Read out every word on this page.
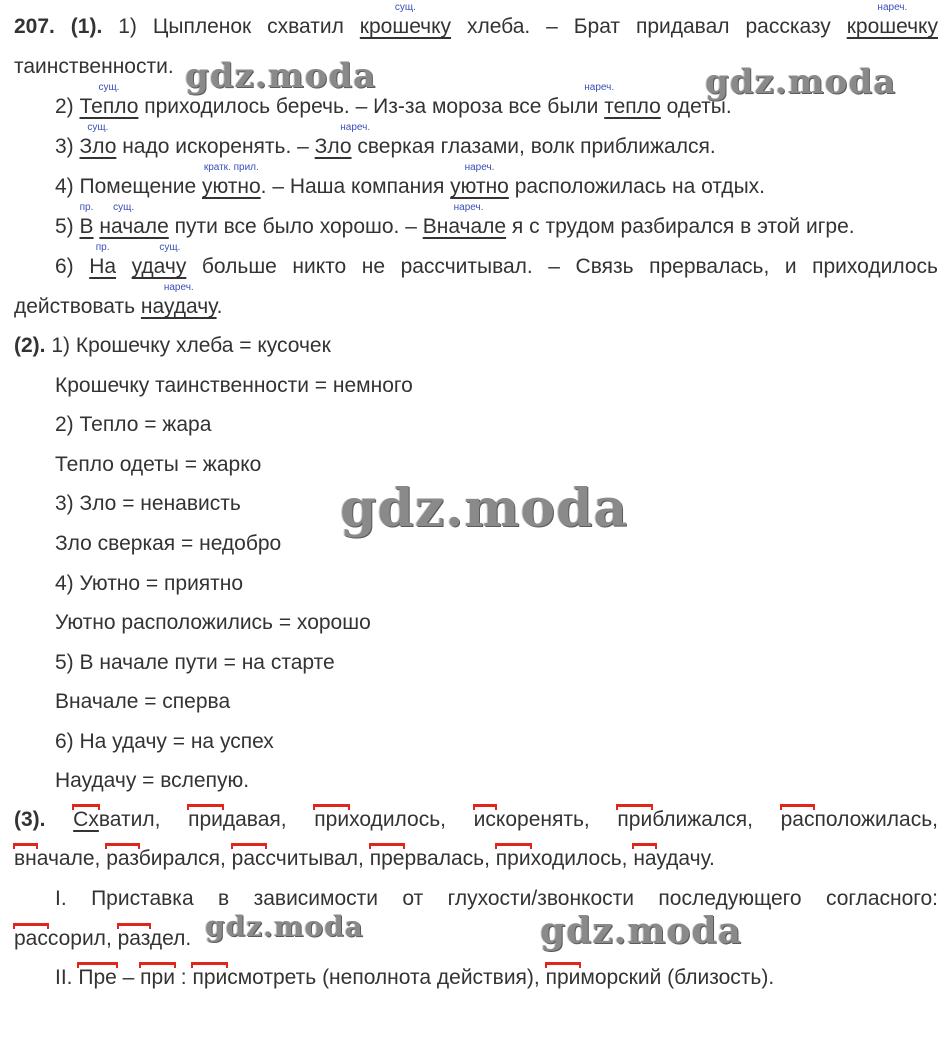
207. (1). 1) Цыпленок схватил
сущ.
крошечку хлеба. – Брат придавал рассказу
нареч.
крошечку
таинственности.
2)
сущ.
Тепло приходилось беречь. – Из-за мороза все были
нареч.
тепло одеты.
3)
сущ.
Зло надо искоренять. –
нареч.
Зло сверкая глазами, волк приближался.
4) Помещение
кратк. прил.
уютно. – Наша компания
нареч.
уютно расположилась на отдых.
5)
пр.
В
сущ.
начале пути все было хорошо. –
нареч.
Вначале я с трудом разбирался в этой игре.
6)
пр.
На
сущ.
удачу больше никто не рассчитывал. – Связь прервалась, и приходилось
действовать
нареч.
наудачу.
(2). 1) Крошечку хлеба = кусочек
Крошечку таинственности = немного
2) Тепло = жара
Тепло одеты = жарко
3) Зло = ненависть
Зло сверкая = недобро
4) Уютно = приятно
Уютно расположились = хорошо
5) В начале пути = на старте
Вначале = сперва
6) На удачу = на успех
Наудачу = вслепую.
(3). Схватил, придавая, приходилось, искоренять, приближался, расположилась,
вначале, разбирался, рассчитывал, прервалась, приходилось, наудачу.
I. Приставка в зависимости от глухости/звонкости последующего согласного:
рассорил, раздел.
II. Пре – при : присмотреть (неполнота действия), приморский (близость).
gdz.moda	gdz.moda
gdz.moda
gdz.moda	gdz.moda
